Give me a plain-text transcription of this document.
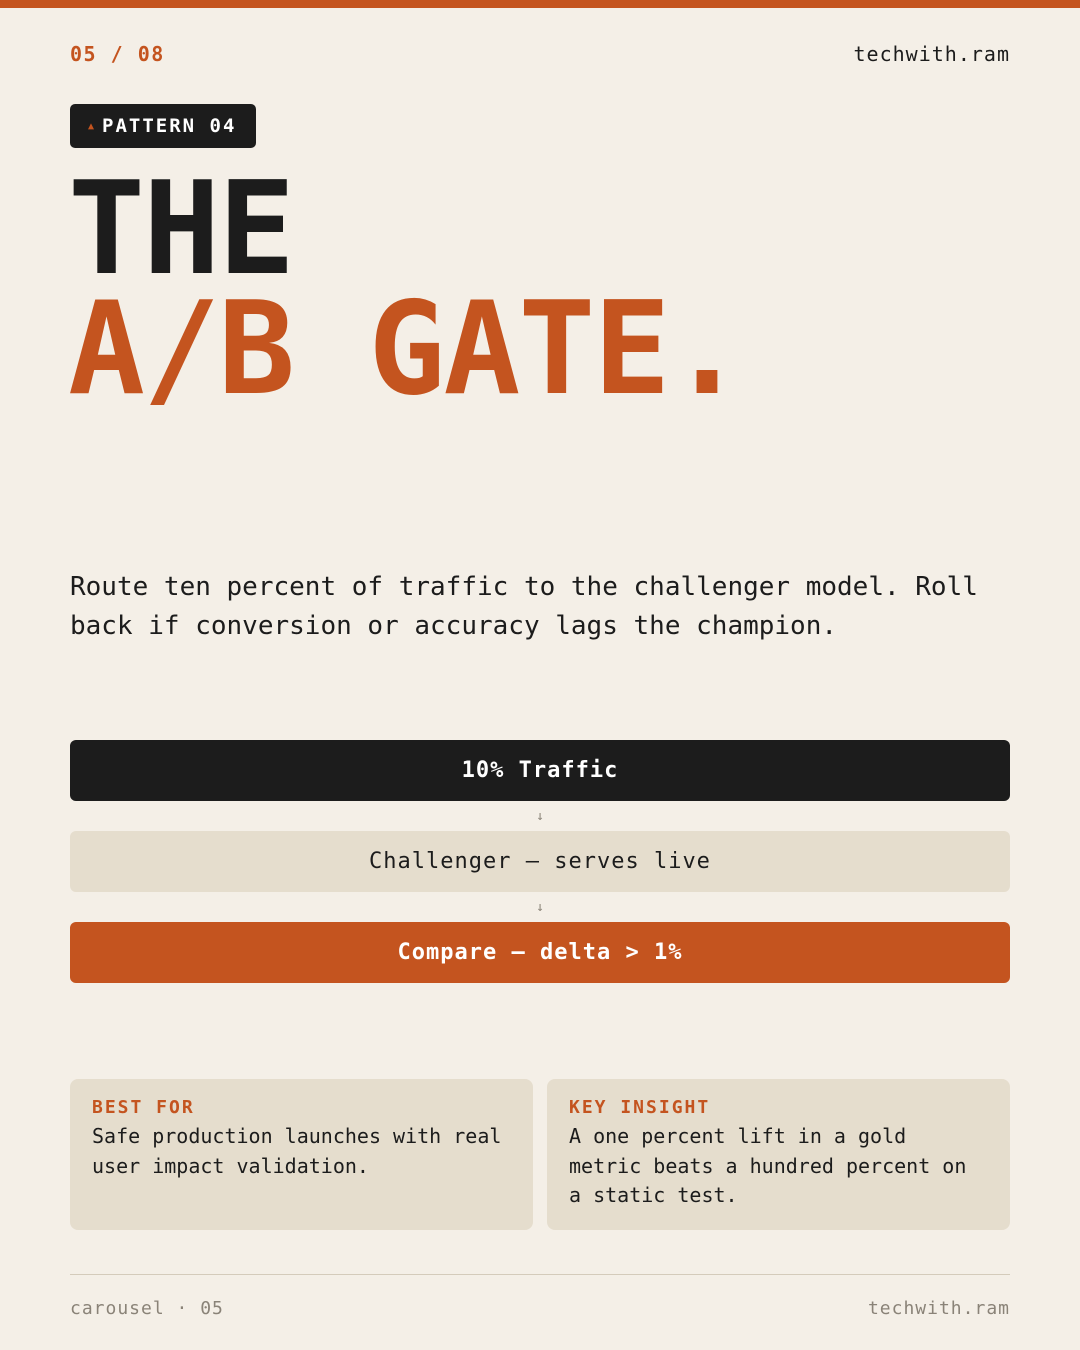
05 / 08	techwith.ram
▲ PATTERN 04
THE
A/B GATE.

Route ten percent of traffic to the challenger model. Roll back if conversion or accuracy lags the champion.

10% Traffic
↓
Challenger — serves live
↓
Compare — delta > 1%
BEST FOR
Safe production launches with real user impact validation.
KEY INSIGHT
A one percent lift in a gold metric beats a hundred percent on a static test.
carousel · 05	techwith.ram
